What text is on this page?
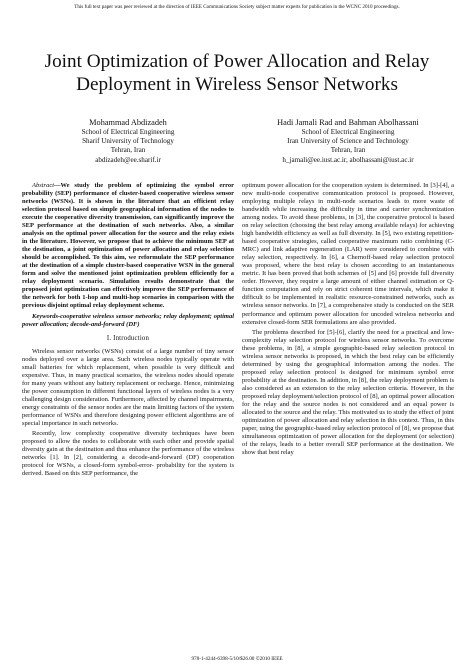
This full text paper was peer reviewed at the direction of IEEE Communications Society subject matter experts for publication in the WCNC 2010 proceedings.
Joint Optimization of Power Allocation and Relay
Deployment in Wireless Sensor Networks
Mohammad Abdizadeh
School of Electrical Engineering
Sharif University of Technology
Tehran, Iran
abdizadeh@ee.sharif.ir
Hadi Jamali Rad and Bahman Abolhassani
School of Electrical Engineering
Iran University of Science and Technology
Tehran, Iran
h_jamali@ee.iust.ac.ir, abolhassani@iust.ac.ir

Abstract—We study the problem of optimizing the symbol error probability (SEP) performance of cluster-based cooperative wireless sensor networks (WSNs). It is shown in the literature that an efficient relay selection protocol based on simple geographical information of the nodes to execute the cooperative diversity transmission, can significantly improve the SEP performance at the destination of such networks. Also, a similar analysis on the optimal power allocation for the source and the relay exists in the literature. However, we propose that to achieve the minimum SEP at the destination, a joint optimization of power allocation and relay selection should be accomplished. To this aim, we reformulate the SEP performance at the destination of a simple cluster-based cooperative WSN in the general form and solve the mentioned joint optimization problem efficiently for a relay deployment scenario. Simulation results demonstrate that the proposed joint optimization can effectively improve the SEP performance of the network for both 1-hop and multi-hop scenarios in comparison with the previous disjoint optimal relay deployment scheme.

Keywords-cooperative wireless sensor networks; relay deployment; optimal power allocation; decode-and-forward (DF)

I. Introduction

Wireless sensor networks (WSNs) consist of a large number of tiny sensor nodes deployed over a large area. Such wireless nodes typically operate with small batteries for which replacement, when possible is very difficult and expensive. Thus, in many practical scenarios, the wireless nodes should operate for many years without any battery replacement or recharge. Hence, minimizing the power consumption in different functional layers of wireless nodes is a very challenging design consideration. Furthermore, affected by channel impairments, energy constraints of the sensor nodes are the main limiting factors of the system performance of WSNs and therefore designing power efficient algorithms are of special importance in such networks.

Recently, low complexity cooperative diversity techniques have been proposed to allow the nodes to collaborate with each other and provide spatial diversity gain at the destination and thus enhance the performance of the wireless networks [1]. In [2], considering a decode-and-forward (DF) cooperation protocol for WSNs, a closed-form symbol-error- probability for the system is derived. Based on this SEP performance, the

optimum power allocation for the cooperation system is determined. In [3]-[4], a new multi-node cooperative communication protocol is proposed. However, employing multiple relays in multi-node scenarios leads to more waste of bandwidth while increasing the difficulty in time and carrier synchronization among nodes. To avoid these problems, in [3], the cooperative protocol is based on relay selection (choosing the best relay among available relays) for achieving high bandwidth efficiency as well as full diversity. In [5], two existing repetition-based cooperative strategies, called cooperative maximum ratio combining (C-MRC) and link adaptive regeneration (LAR) were considered to combine with relay selection, respectively. In [6], a Chernoff-based relay selection protocol was proposed, where the best relay is chosen according to an instantaneous metric. It has been proved that both schemes of [5] and [6] provide full diversity order. However, they require a large amount of either channel estimation or Q-function computation and rely on strict coherent time intervals, which make it difficult to be implemented in realistic resource-constrained networks, such as wireless sensor networks. In [7], a comprehensive study is conducted on the SER performance and optimum power allocation for uncoded wireless networks and extensive closed-form SER formulations are also provided.

The problems described for [5]-[6], clarify the need for a practical and low-complexity relay selection protocol for wireless sensor networks. To overcome these problems, in [8], a simple geographic-based relay selection protocol in wireless sensor networks is proposed, in which the best relay can be efficiently determined by using the geographical information among the nodes. The proposed relay selection protocol is designed for minimum symbol error probability at the destination. In addition, in [8], the relay deployment problem is also considered as an extension to the relay selection criteria. However, in the proposed relay deployment/selection protocol of [8], an optimal power allocation for the relay and the source nodes is not considered and an equal power is allocated to the source and the relay. This motivated us to study the effect of joint optimization of power allocation and relay selection in this context. Thus, in this paper, using the geographic-based relay selection protocol of [8], we propose that simultaneous optimization of power allocation for the deployment (or selection) of the relays, leads to a better overall SEP performance at the destination. We show that best relay

978-1-4244-6398-5/10/$26.00 ©2010 IEEE
